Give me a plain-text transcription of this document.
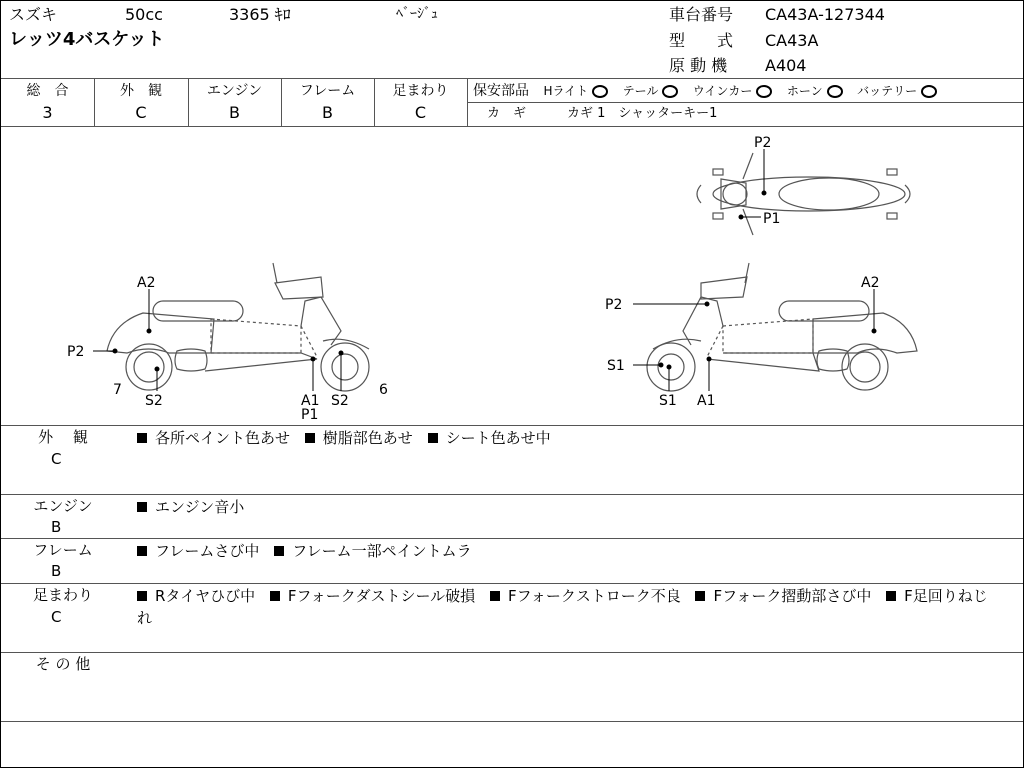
スズキ	50cc	3365 ｷﾛ	ﾍﾞｰｼﾞｭ
レッツ4バスケット
車台番号 CA43A-127344
型　　式 CA43A
原 動 機 A404
総　合
3
外　観
C
エンジン
B
フレーム
B
足まわり
C
保安部品 Hライト	テール	ウインカー	ホーン	バッテリー
カ　ギ	カギ 1　シャッターキー1
P2
P1
A2
P2
7
S2	A1
P1
S2
6
P2
A2
S1
S1 A1
外　 観
C
各所ペイント色あせ 樹脂部色あせ シート色あせ中
エンジン
B
エンジン音小
フレーム
B
フレームさび中 フレーム一部ペイントムラ
足まわり
C
Rタイヤひび中 Fフォークダストシール破損 Fフォークストローク不良 Fフォーク摺動部さび中 F足回りねじれ
そ の 他
